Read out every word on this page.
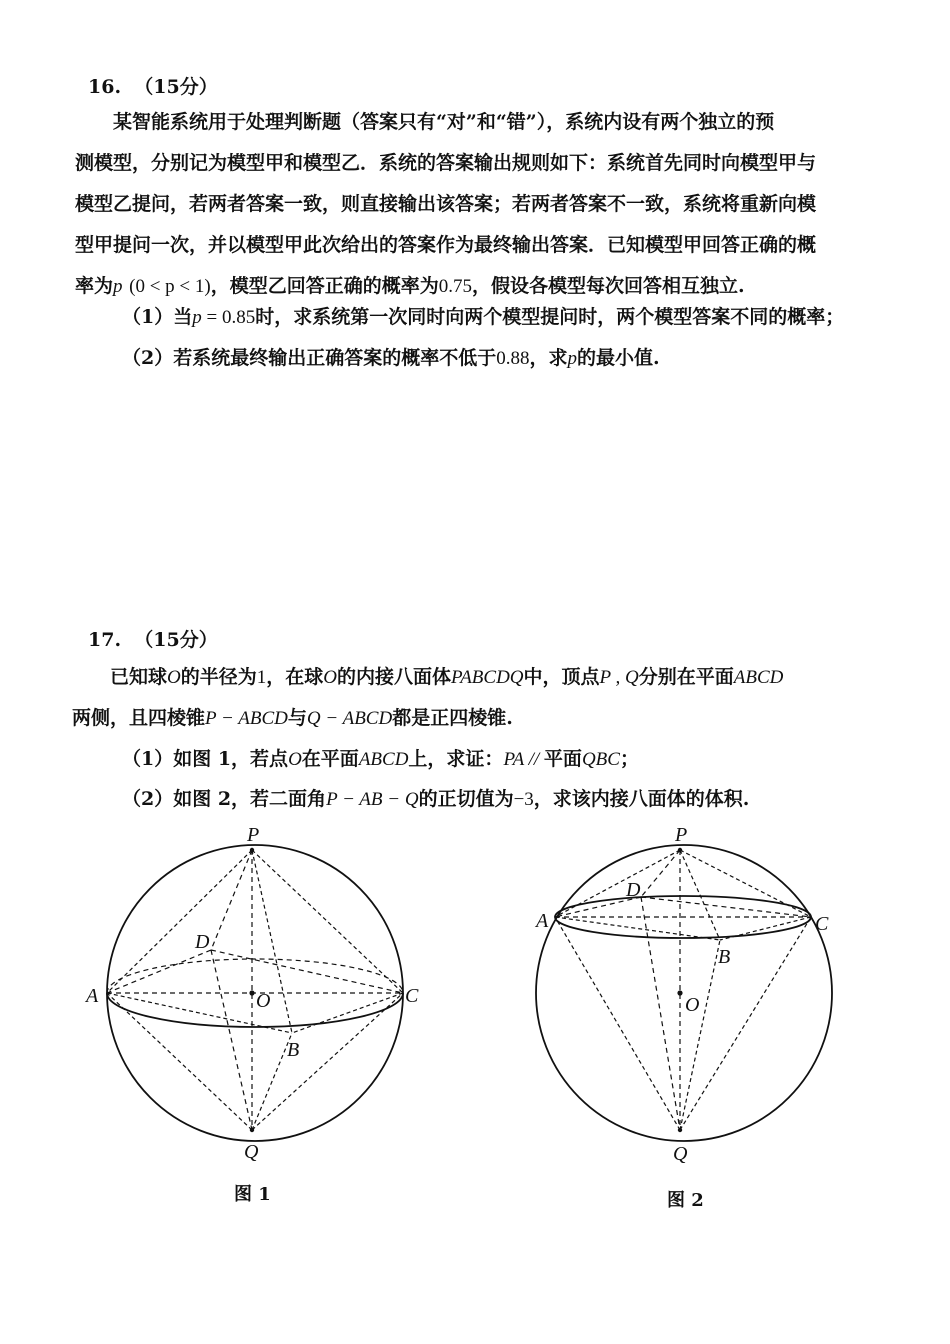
16. （15分）
某智能系统用于处理判断题（答案只有“对”和“错”），系统内设有两个独立的预
测模型，分别记为模型甲和模型乙．系统的答案输出规则如下：系统首先同时向模型甲与
模型乙提问，若两者答案一致，则直接输出该答案；若两者答案不一致，系统将重新向模
型甲提问一次，并以模型甲此次给出的答案作为最终输出答案．已知模型甲回答正确的概
率为p (0 < p < 1)，模型乙回答正确的概率为0.75，假设各模型每次回答相互独立.
（1）当p = 0.85时，求系统第一次同时向两个模型提问时，两个模型答案不同的概率；
（2）若系统最终输出正确答案的概率不低于0.88，求p的最小值.
17. （15分）
已知球O的半径为1，在球O的内接八面体PABCDQ中，顶点P , Q分别在平面ABCD
两侧，且四棱锥P − ABCD与Q − ABCD都是正四棱锥.
（1）如图 1，若点O在平面ABCD上，求证：PA // 平面QBC；
（2）如图 2，若二面角P − AB − Q的正切值为−3，求该内接八面体的体积.
P
Q
A	C
D
B
O
图 1
P
Q
A	C
D
B
O
图 2
